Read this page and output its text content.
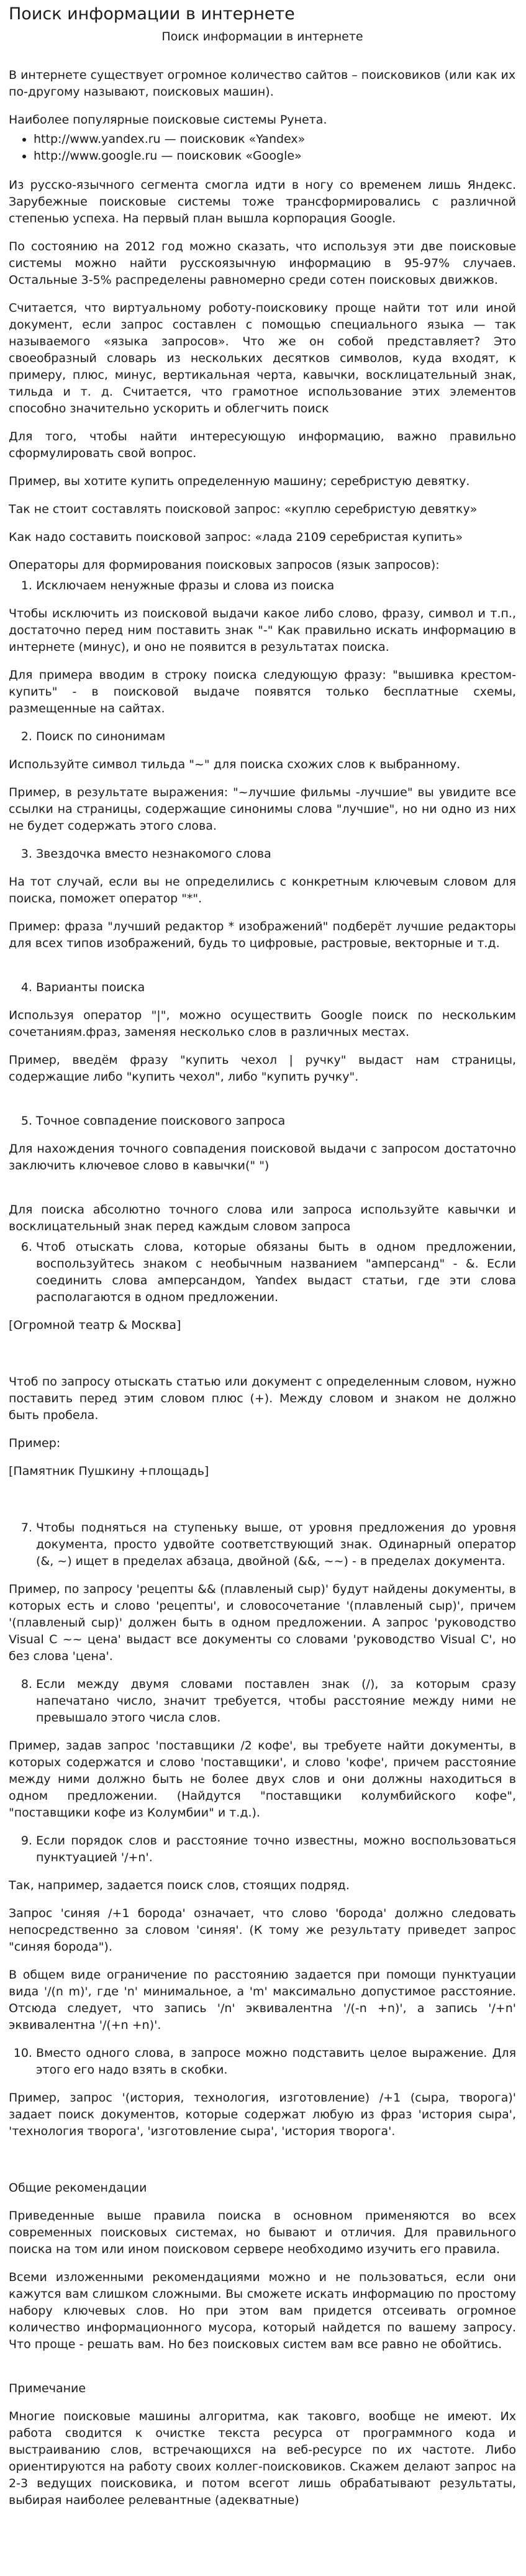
Поиск информации в интернете
Поиск информации в интернете

В интернете существует огромное количество сайтов – поисковиков (или как их по-другому называют, поисковых машин).

Наиболее популярные поисковые системы Рунета.

• http://www.yandex.ru — поисковик «Yandex»
• http://www.google.ru — поисковик «Google»

Из русско-язычного сегмента смогла идти в ногу со временем лишь Яндекс. Зарубежные поисковые системы тоже трансформировались с различной степенью успеха. На первый план вышла корпорация Google.

По состоянию на 2012 год можно сказать, что используя эти две поисковые системы можно найти русскоязычную информацию в 95-97% случаев. Остальные 3-5% распределены равномерно среди сотен поисковых движков.

Считается, что виртуальному роботу-поисковику проще найти тот или иной документ, если запрос составлен с помощью специального языка — так называемого «языка запросов». Что же он собой представляет? Это своеобразный словарь из нескольких десятков символов, куда входят, к примеру, плюс, минус, вертикальная черта, кавычки, восклицательный знак, тильда и т. д. Считается, что грамотное использование этих элементов способно значительно ускорить и облегчить поиск

Для того, чтобы найти интересующую информацию, важно правильно сформулировать свой вопрос.

Пример, вы хотите купить определенную машину; серебристую девятку.

Так не стоит составлять поисковой запрос: «куплю серебристую девятку»

Как надо составить поисковой запрос: «лада 2109 серебристая купить»

Операторы для формирования поисковых запросов (язык запросов):

1. Исключаем ненужные фразы и слова из поиска

Чтобы исключить из поисковой выдачи какое либо слово, фразу, символ и т.п., достаточно перед ним поставить знак "-" Как правильно искать информацию в интернете (минус), и оно не появится в результатах поиска.

Для примера вводим в строку поиска следующую фразу: "вышивка крестом-купить" - в поисковой выдаче появятся только бесплатные схемы, размещенные на сайтах.

2. Поиск по синонимам

Используйте символ тильда "~" для поиска схожих слов к выбранному.

Пример, в результате выражения: "~лучшие фильмы -лучшие" вы увидите все ссылки на страницы, содержащие синонимы слова "лучшие", но ни одно из них не будет содержать этого слова.

3. Звездочка вместо незнакомого слова

На тот случай, если вы не определились с конкретным ключевым словом для поиска, поможет оператор "*".

Пример: фраза "лучший редактор * изображений" подберёт лучшие редакторы для всех типов изображений, будь то цифровые, растровые, векторные и т.д.

4. Варианты поиска

Используя оператор "|", можно осуществить Google поиск по нескольким сочетаниям.фраз, заменяя несколько слов в различных местах.

Пример, введём фразу "купить чехол | ручку" выдаст нам страницы, содержащие либо "купить чехол", либо "купить ручку".

5. Точное совпадение поискового запроса

Для нахождения точного совпадения поисковой выдачи с запросом достаточно заключить ключевое слово в кавычки(" ")

Для поиска абсолютно точного слова или запроса используйте кавычки и восклицательный знак перед каждым словом запроса

6. Чтоб отыскать слова, которые обязаны быть в одном предложении, воспользуйтесь знаком с необычным названием "амперсанд" - &. Если соединить слова амперсандом, Yandex выдаст статьи, где эти слова располагаются в одном предложении.

[Огромной театр & Москва]

Чтоб по запросу отыскать статью или документ с определенным словом, нужно поставить перед этим словом плюс (+). Между словом и знаком не должно быть пробела.

Пример:

[Памятник Пушкину +площадь]

7. Чтобы подняться на ступеньку выше, от уровня предложения до уровня документа, просто удвойте соответствующий знак. Одинарный оператор (&, ~) ищет в пределах абзаца, двойной (&&, ~~) - в пределах документа.

Пример, по запросу 'рецепты && (плавленый сыр)' будут найдены документы, в которых есть и слово 'рецепты', и словосочетание '(плавленый сыр)', причем '(плавленый сыр)' должен быть в одном предложении. А запрос 'руководство Visual C ~~ цена' выдаст все документы со словами 'руководство Visual C', но без слова 'цена'.

8. Если между двумя словами поставлен знак (/), за которым сразу напечатано число, значит требуется, чтобы расстояние между ними не превышало этого числа слов.

Пример, задав запрос 'поставщики /2 кофе', вы требуете найти документы, в которых содержатся и слово 'поставщики', и слово 'кофе', причем расстояние между ними должно быть не более двух слов и они должны находиться в одном предложении. (Найдутся "поставщики колумбийского кофе", "поставщики кофе из Колумбии" и т.д.).

9. Если порядок слов и расстояние точно известны, можно воспользоваться пунктуацией '/+n'.

Так, например, задается поиск слов, стоящих подряд.

Запрос 'синяя /+1 борода' означает, что слово 'борода' должно следовать непосредственно за словом 'синяя'. (К тому же результату приведет запрос "синяя борода").

В общем виде ограничение по расстоянию задается при помощи пунктуации вида '/(n m)', где 'n' минимальное, а 'm' максимально допустимое расстояние. Отсюда следует, что запись '/n' эквивалентна '/(-n +n)', а запись '/+n' эквивалентна '/(+n +n)'.

10. Вместо одного слова, в запросе можно подставить целое выражение. Для этого его надо взять в скобки.

Пример, запрос '(история, технология, изготовление) /+1 (сыра, творога)' задает поиск документов, которые содержат любую из фраз 'история сыра', 'технология творога', 'изготовление сыра', 'история творога'.

Общие рекомендации

Приведенные выше правила поиска в основном применяются во всех современных поисковых системах, но бывают и отличия. Для правильного поиска на том или ином поисковом сервере необходимо изучить его правила.

Всеми изложенными рекомендациями можно и не пользоваться, если они кажутся вам слишком сложными. Вы сможете искать информацию по простому набору ключевых слов. Но при этом вам придется отсеивать огромное количество информационного мусора, который найдется по вашему запросу. Что проще - решать вам. Но без поисковых систем вам все равно не обойтись.

Примечание

Многие поисковые машины алгоритма, как таковго, вообще не имеют. Их работа сводится к очистке текста ресурса от программного кода и выстраиванию слов, встречающихся на веб-ресурсе по их частоте. Либо ориентируются на работу своих коллег-поисковиков. Скажем делают запрос на 2-3 ведущих поисковика, и потом всегот лишь обрабатывают результаты, выбирая наиболее релевантные (адекватные)
